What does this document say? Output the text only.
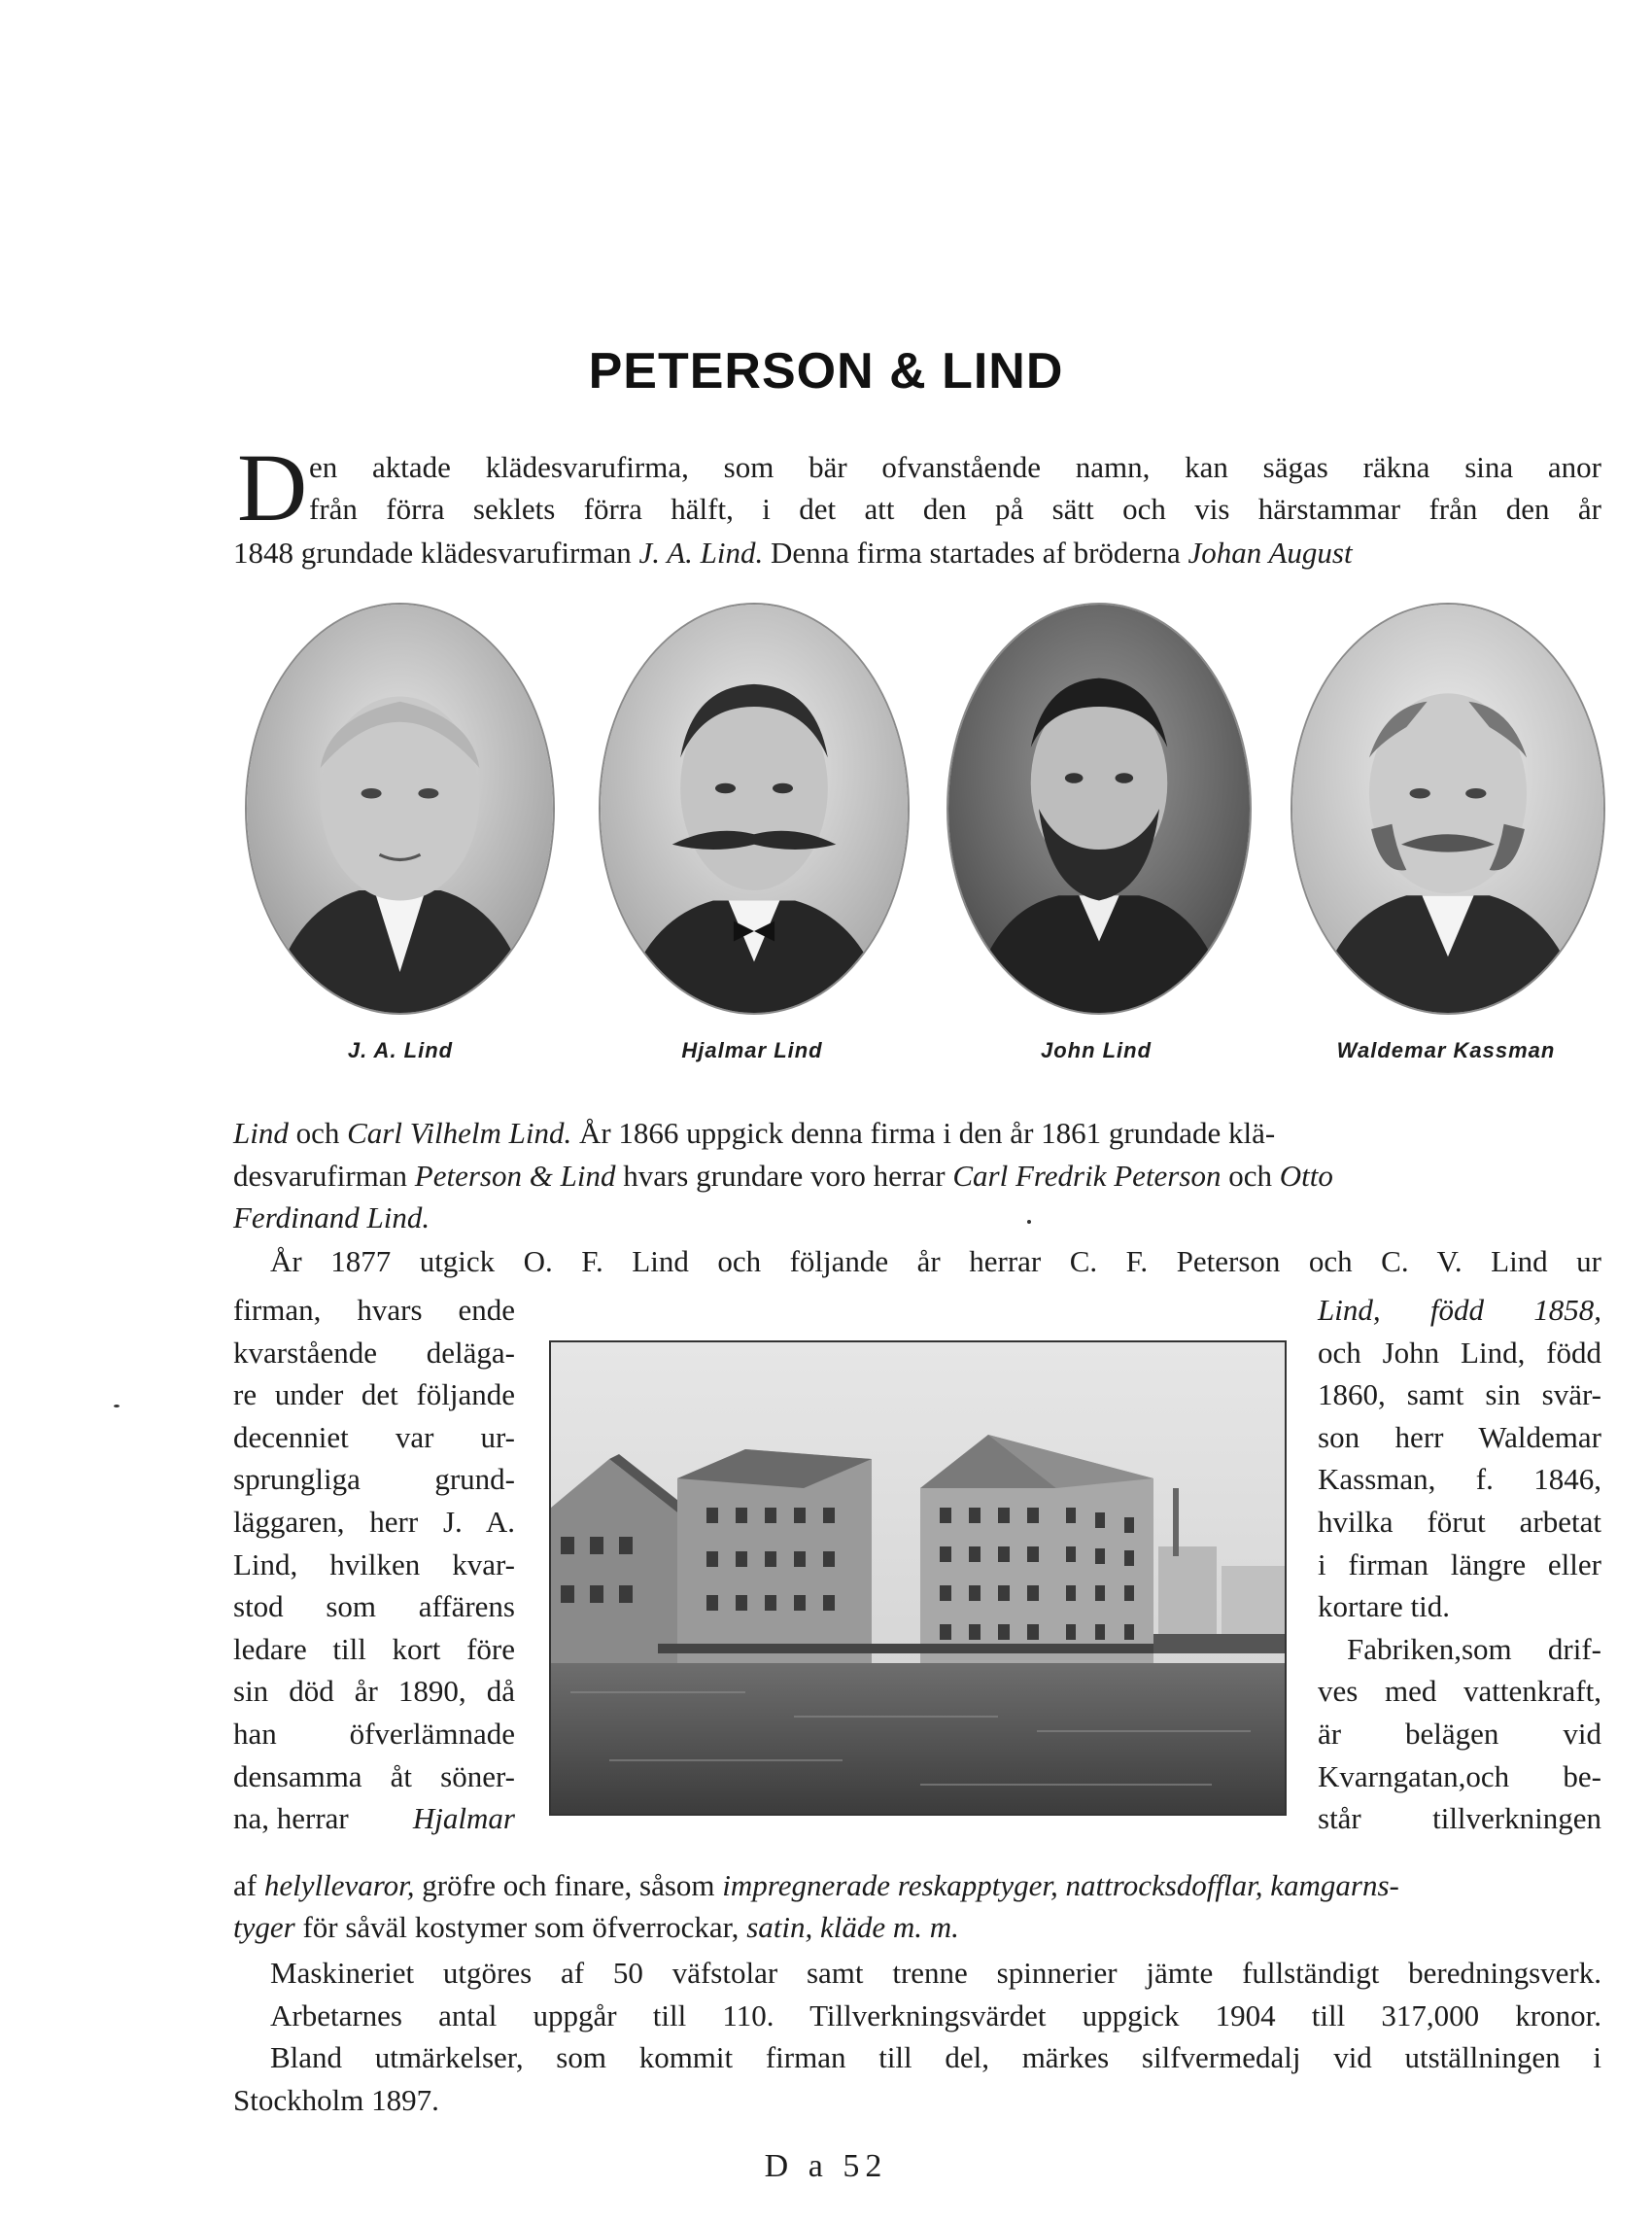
PETERSON & LIND
D en aktade klädesvarufirma, som bär ofvanstående namn, kan sägas räkna sina anor
från förra seklets förra hälft, i det att den på sätt och vis härstammar från den år
1848 grundade klädesvarufirman J. A. Lind. Denna firma startades af bröderna Johan August
J. A. Lind	Hjalmar Lind	John Lind	Waldemar Kassman
Lind och Carl Vilhelm Lind. År 1866 uppgick denna firma i den år 1861 grundade klä-
desvarufirman Peterson & Lind hvars grundare voro herrar Carl Fredrik Peterson och Otto
Ferdinand Lind.
År 1877 utgick O. F. Lind och följande år herrar C. F. Peterson och C. V. Lind ur
firman, hvars ende
kvarstående deläga-
re under det följande
decenniet var ur-
sprungliga grund-
läggaren, herr J. A.
Lind, hvilken kvar-
stod som affärens
ledare till kort före
sin död år 1890, då
han öfverlämnade
densamma åt söner-
na, herrar Hjalmar
Lind, född 1858,
och John Lind, född
1860, samt sin svär-
son herr Waldemar
Kassman, f. 1846,
hvilka förut arbetat
i firman längre eller
kortare tid.
Fabriken,som drif-
ves med vattenkraft,
är belägen vid
Kvarngatan,och be-
står tillverkningen
af helyllevaror, gröfre och finare, såsom impregnerade reskapptyger, nattrocksdofflar, kamgarns-
tyger för såväl kostymer som öfverrockar, satin, kläde m. m.
Maskineriet utgöres af 50 väfstolar samt trenne spinnerier jämte fullständigt beredningsverk.
Arbetarnes antal uppgår till 110. Tillverkningsvärdet uppgick 1904 till 317,000 kronor.
Bland utmärkelser, som kommit firman till del, märkes silfvermedalj vid utställningen i
Stockholm 1897.
D a 52
